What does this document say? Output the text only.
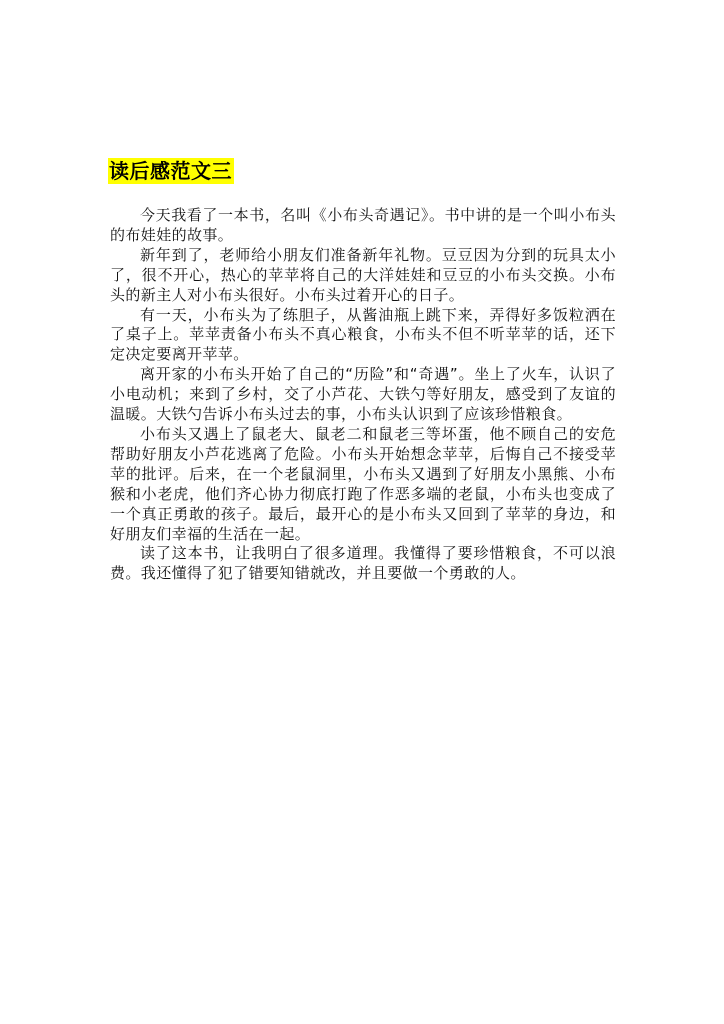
读后感范文三

今天我看了一本书，名叫《小布头奇遇记》。书中讲的是一个叫小布头的布娃娃的故事。

新年到了，老师给小朋友们准备新年礼物。豆豆因为分到的玩具太小了，很不开心，热心的苹苹将自己的大洋娃娃和豆豆的小布头交换。小布头的新主人对小布头很好。小布头过着开心的日子。

有一天，小布头为了练胆子，从酱油瓶上跳下来，弄得好多饭粒洒在了桌子上。苹苹责备小布头不真心粮食，小布头不但不听苹苹的话，还下定决定要离开苹苹。

离开家的小布头开始了自己的“历险”和“奇遇”。坐上了火车，认识了小电动机；来到了乡村，交了小芦花、大铁勺等好朋友，感受到了友谊的温暖。大铁勺告诉小布头过去的事，小布头认识到了应该珍惜粮食。

小布头又遇上了鼠老大、鼠老二和鼠老三等坏蛋，他不顾自己的安危帮助好朋友小芦花逃离了危险。小布头开始想念苹苹，后悔自己不接受苹苹的批评。后来，在一个老鼠洞里，小布头又遇到了好朋友小黑熊、小布猴和小老虎，他们齐心协力彻底打跑了作恶多端的老鼠，小布头也变成了一个真正勇敢的孩子。最后，最开心的是小布头又回到了苹苹的身边，和好朋友们幸福的生活在一起。

读了这本书，让我明白了很多道理。我懂得了要珍惜粮食，不可以浪费。我还懂得了犯了错要知错就改，并且要做一个勇敢的人。
